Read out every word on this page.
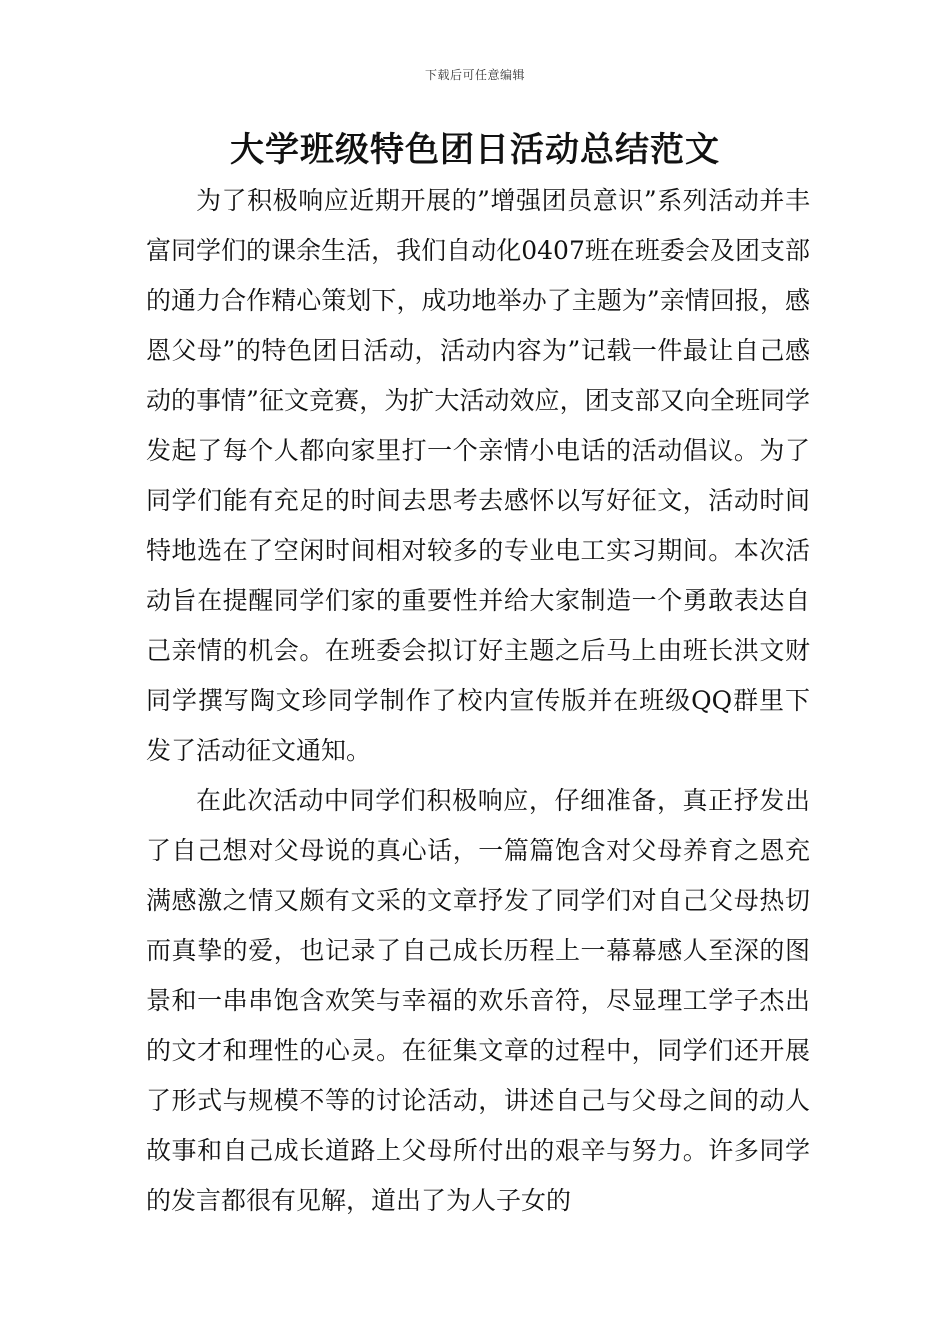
下载后可任意编辑
大学班级特色团日活动总结范文

为了积极响应近期开展的”增强团员意识”系列活动并丰富同学们的课余生活，我们自动化0407班在班委会及团支部的通力合作精心策划下，成功地举办了主题为”亲情回报，感恩父母”的特色团日活动，活动内容为”记载一件最让自己感动的事情”征文竞赛，为扩大活动效应，团支部又向全班同学发起了每个人都向家里打一个亲情小电话的活动倡议。为了同学们能有充足的时间去思考去感怀以写好征文，活动时间特地选在了空闲时间相对较多的专业电工实习期间。本次活动旨在提醒同学们家的重要性并给大家制造一个勇敢表达自己亲情的机会。在班委会拟订好主题之后马上由班长洪文财同学撰写陶文珍同学制作了校内宣传版并在班级QQ群里下发了活动征文通知。

在此次活动中同学们积极响应，仔细准备，真正抒发出了自己想对父母说的真心话，一篇篇饱含对父母养育之恩充满感激之情又颇有文采的文章抒发了同学们对自己父母热切而真挚的爱，也记录了自己成长历程上一幕幕感人至深的图景和一串串饱含欢笑与幸福的欢乐音符，尽显理工学子杰出的文才和理性的心灵。在征集文章的过程中，同学们还开展了形式与规模不等的讨论活动，讲述自己与父母之间的动人故事和自己成长道路上父母所付出的艰辛与努力。许多同学的发言都很有见解，道出了为人子女的
